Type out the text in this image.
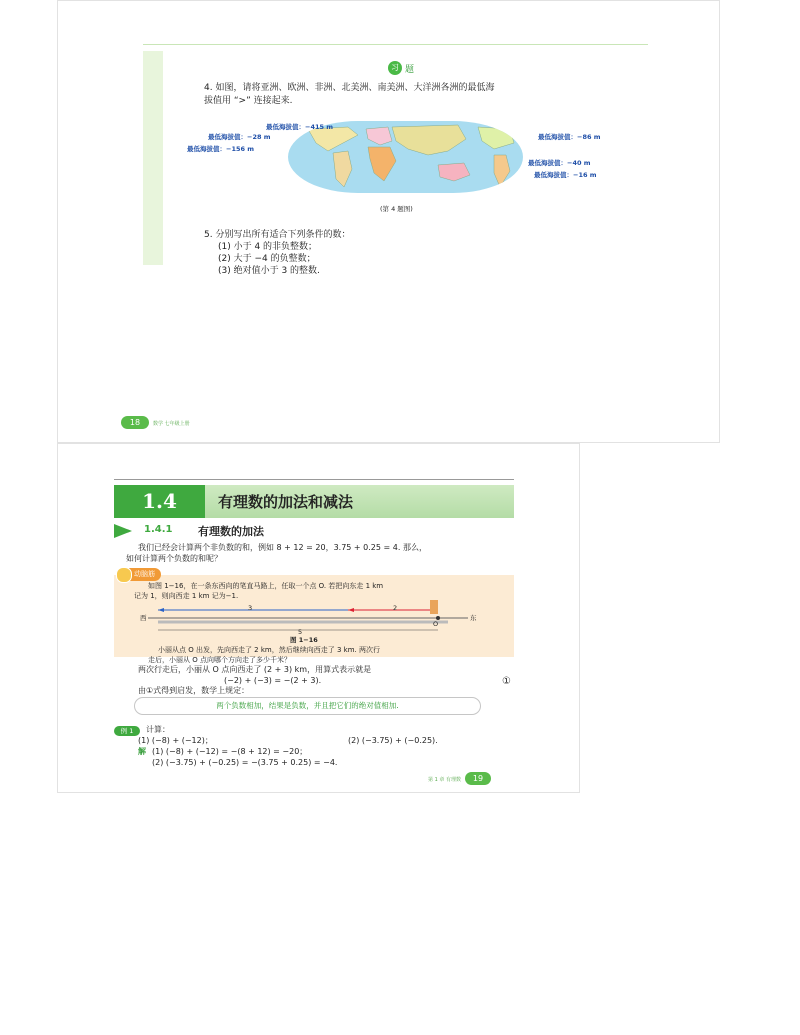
习 题
4. 如图，请将亚洲、欧洲、非洲、北美洲、南美洲、大洋洲各洲的最低海
拔值用 “>” 连接起来.
最低海拔值：−415 m
最低海拔值：−28 m
最低海拔值：−156 m
最低海拔值：−86 m
最低海拔值：−40 m
最低海拔值：−16 m
(第 4 题图)
5. 分别写出所有适合下列条件的数：
(1) 小于 4 的非负整数；
(2) 大于 −4 的负整数；
(3) 绝对值小于 3 的整数.
18	数学 七年级上册
1.4	有理数的加法和减法
1.4.1 有理数的加法
我们已经会计算两个非负数的和，例如 8 + 12 = 20，3.75 + 0.25 = 4. 那么，
如何计算两个负数的和呢？
动脑筋
如图 1−16，在一条东西向的笔直马路上，任取一个点 O. 若把向东走 1 km
记为 1，则向西走 1 km 记为−1.
西	东
O
3	2
5
图 1−16
小丽从点 O 出发，先向西走了 2 km，然后继续向西走了 3 km. 两次行
走后，小丽从 O 点向哪个方向走了多少千米？
两次行走后，小丽从 O 点向西走了 (2 + 3) km，用算式表示就是
(−2) + (−3) = −(2 + 3).	①
由①式得到启发，数学上规定：
两个负数相加，结果是负数，并且把它们的绝对值相加.
例 1	计算：
(1) (−8) + (−12)；	(2) (−3.75) + (−0.25).
解 (1) (−8) + (−12) = −(8 + 12) = −20；
(2) (−3.75) + (−0.25) = −(3.75 + 0.25) = −4.
第 1 章 有理数 19
